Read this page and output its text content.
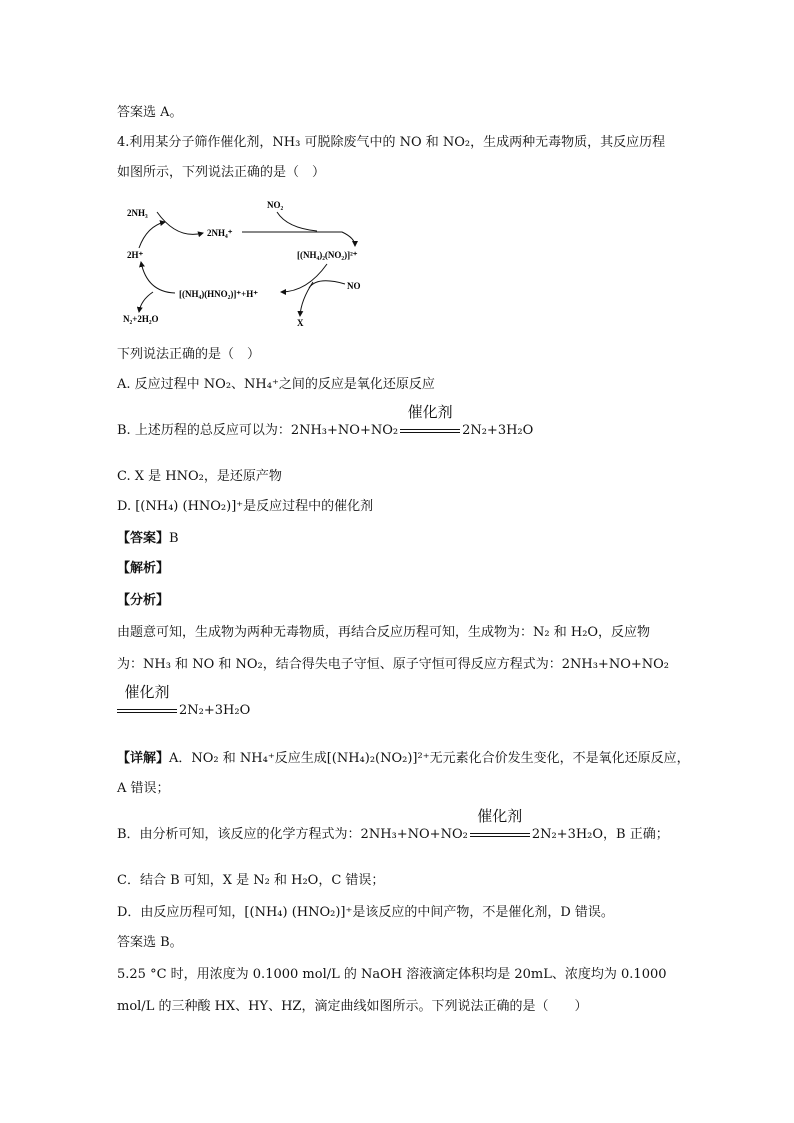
答案选 A。
4.利用某分子筛作催化剂，NH₃ 可脱除废气中的 NO 和 NO₂，生成两种无毒物质，其反应历程
如图所示，下列说法正确的是（　）
2NH₃
2NH₄⁺
NO₂
[(NH₄)₂(NO₂)]²⁺
NO
X
2H⁺
[(NH₄)(HNO₂)]⁺+H⁺
N₂+2H₂O
下列说法正确的是（　）
A. 反应过程中 NO₂、NH₄⁺之间的反应是氧化还原反应
B. 上述历程的总反应可以为：2NH₃+NO+NO₂
催化剂
2N₂+3H₂O
C. X 是 HNO₂，是还原产物
D. [(NH₄) (HNO₂)]⁺是反应过程中的催化剂
【答案】B
【解析】
【分析】
由题意可知，生成物为两种无毒物质，再结合反应历程可知，生成物为：N₂ 和 H₂O，反应物
为：NH₃ 和 NO 和 NO₂，结合得失电子守恒、原子守恒可得反应方程式为：2NH₃+NO+NO₂
催化剂
2N₂+3H₂O
【详解】A．NO₂ 和 NH₄⁺反应生成[(NH₄)₂(NO₂)]²⁺无元素化合价发生变化，不是氧化还原反应，
A 错误；
B．由分析可知，该反应的化学方程式为：2NH₃+NO+NO₂
催化剂
2N₂+3H₂O，B 正确；
C．结合 B 可知，X 是 N₂ 和 H₂O，C 错误；
D．由反应历程可知，[(NH₄) (HNO₂)]⁺是该反应的中间产物，不是催化剂，D 错误。
答案选 B。
5.25 °C 时，用浓度为 0.1000 mol/L 的 NaOH 溶液滴定体积均是 20mL、浓度均为 0.1000
mol/L 的三种酸 HX、HY、HZ，滴定曲线如图所示。下列说法正确的是（　　）
